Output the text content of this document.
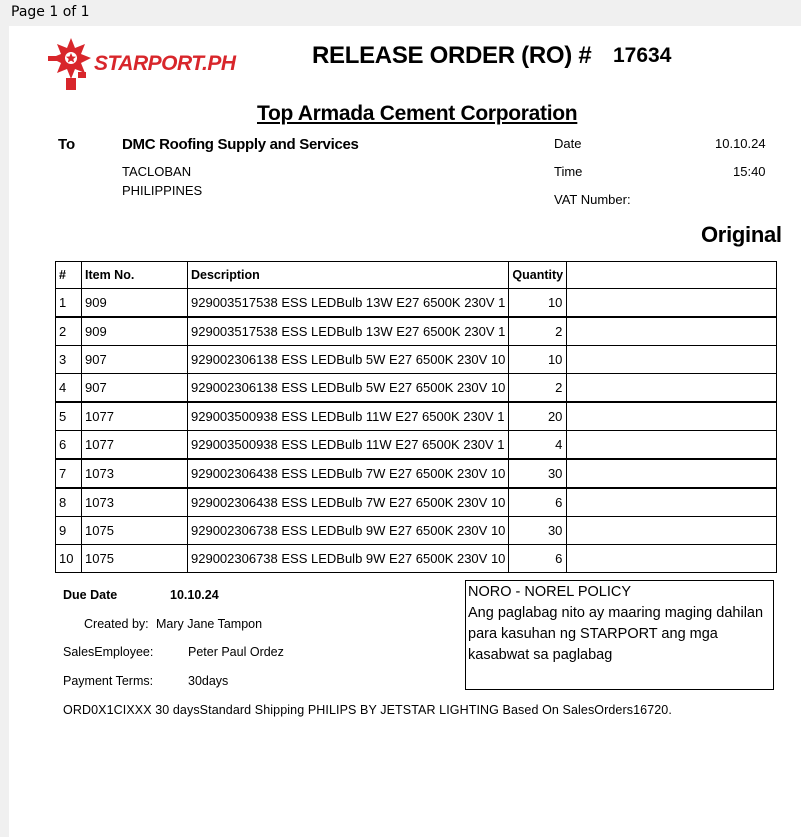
Page 1 of 1
STARPORT.PH	RELEASE ORDER (RO) # 17634
Top Armada Cement Corporation
To	DMC Roofing Supply and Services
TACLOBAN
PHILIPPINES
Date	10.10.24
Time	15:40
VAT Number:
Original
#	Item No.	Description	Quantity	
1	909	929003517538 ESS LEDBulb 13W E27 6500K 230V 1	10	
2	909	929003517538 ESS LEDBulb 13W E27 6500K 230V 1	2	
3	907	929002306138 ESS LEDBulb 5W E27 6500K 230V 10	10	
4	907	929002306138 ESS LEDBulb 5W E27 6500K 230V 10	2	
5	1077	929003500938 ESS LEDBulb 11W E27 6500K 230V 1	20	
6	1077	929003500938 ESS LEDBulb 11W E27 6500K 230V 1	4	
7	1073	929002306438 ESS LEDBulb 7W E27 6500K 230V 10	30	
8	1073	929002306438 ESS LEDBulb 7W E27 6500K 230V 10	6	
9	1075	929002306738 ESS LEDBulb 9W E27 6500K 230V 10	30	
10	1075	929002306738 ESS LEDBulb 9W E27 6500K 230V 10	6	
Due Date	10.10.24
Created by: Mary Jane Tampon
SalesEmployee:	Peter Paul Ordez
Payment Terms:	30days
NORO - NOREL POLICY
Ang paglabag nito ay maaring maging dahilan para kasuhan ng STARPORT ang mga kasabwat sa paglabag
ORD0X1CIXXX 30 daysStandard Shipping PHILIPS BY JETSTAR LIGHTING Based On SalesOrders16720.
